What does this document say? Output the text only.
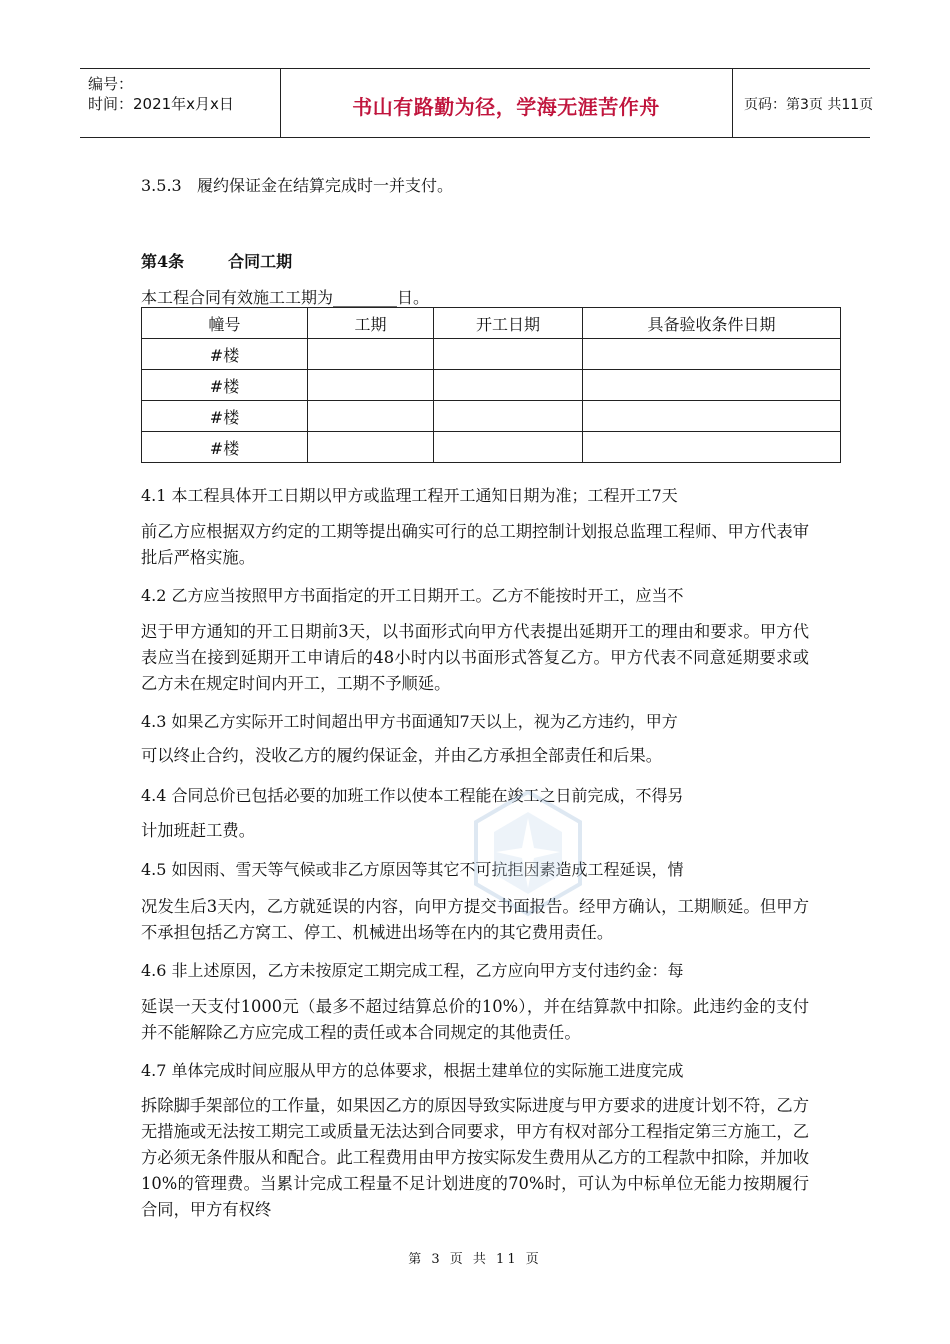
编号：
时间：2021年x月x日	书山有路勤为径，学海无涯苦作舟	页码：第3页 共11页
3.5.3   履约保证金在结算完成时一并支付。
第4条	合同工期
本工程合同有效施工工期为________日。
幢号	工期	开工日期	具备验收条件日期
#楼			
#楼			
#楼			
#楼			
4.1 本工程具体开工日期以甲方或监理工程开工通知日期为准；工程开工7天
前乙方应根据双方约定的工期等提出确实可行的总工期控制计划报总监理工程师、甲方代表审批后严格实施。
4.2 乙方应当按照甲方书面指定的开工日期开工。乙方不能按时开工，应当不
迟于甲方通知的开工日期前3天，以书面形式向甲方代表提出延期开工的理由和要求。甲方代表应当在接到延期开工申请后的48小时内以书面形式答复乙方。甲方代表不同意延期要求或乙方未在规定时间内开工，工期不予顺延。
4.3 如果乙方实际开工时间超出甲方书面通知7天以上，视为乙方违约，甲方
可以终止合约，没收乙方的履约保证金，并由乙方承担全部责任和后果。
4.4 合同总价已包括必要的加班工作以使本工程能在竣工之日前完成，不得另
计加班赶工费。
4.5 如因雨、雪天等气候或非乙方原因等其它不可抗拒因素造成工程延误，情
况发生后3天内，乙方就延误的内容，向甲方提交书面报告。经甲方确认，工期顺延。但甲方不承担包括乙方窝工、停工、机械进出场等在内的其它费用责任。
4.6 非上述原因，乙方未按原定工期完成工程，乙方应向甲方支付违约金：每
延误一天支付1000元（最多不超过结算总价的10%），并在结算款中扣除。此违约金的支付并不能解除乙方应完成工程的责任或本合同规定的其他责任。
4.7 单体完成时间应服从甲方的总体要求，根据土建单位的实际施工进度完成
拆除脚手架部位的工作量，如果因乙方的原因导致实际进度与甲方要求的进度计划不符，乙方无措施或无法按工期完工或质量无法达到合同要求，甲方有权对部分工程指定第三方施工，乙方必须无条件服从和配合。此工程费用由甲方按实际发生费用从乙方的工程款中扣除，并加收10%的管理费。当累计完成工程量不足计划进度的70%时，可认为中标单位无能力按期履行合同，甲方有权终
第 3 页 共 11 页
